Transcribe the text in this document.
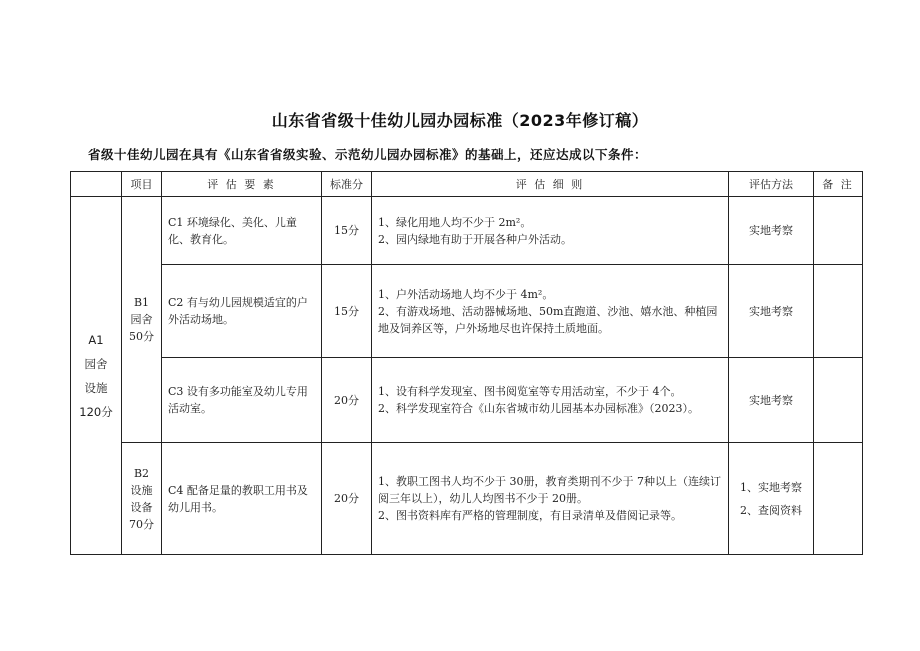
山东省省级十佳幼儿园办园标准（2023年修订稿）
省级十佳幼儿园在具有《山东省省级实验、示范幼儿园办园标准》的基础上，还应达成以下条件：
	项目	评 估 要 素	标准分	评 估 细 则	评估方法	备 注

A1
园舍
设施
120分	B1
园舍
50分	C1 环境绿化、美化、儿童化、教育化。	15分	1、绿化用地人均不少于 2m²。
2、园内绿地有助于开展各种户外活动。	实地考察	
		C2 有与幼儿园规模适宜的户外活动场地。	15分	1、户外活动场地人均不少于 4m²。
2、有游戏场地、活动器械场地、50m直跑道、沙池、嬉水池、种植园地及饲养区等，户外场地尽也许保持土质地面。	实地考察	
		C3 设有多功能室及幼儿专用活动室。	20分	1、设有科学发现室、图书阅览室等专用活动室，不少于 4个。
2、科学发现室符合《山东省城市幼儿园基本办园标准》（2023）。	实地考察	

	B2
设施
设备
70分	C4 配备足量的教职工用书及幼儿用书。	20分	1、教职工图书人均不少于 30册，教育类期刊不少于 7种以上（连续订阅三年以上），幼儿人均图书不少于 20册。
2、图书资料库有严格的管理制度，有目录清单及借阅记录等。	1、实地考察
2、查阅资料	
